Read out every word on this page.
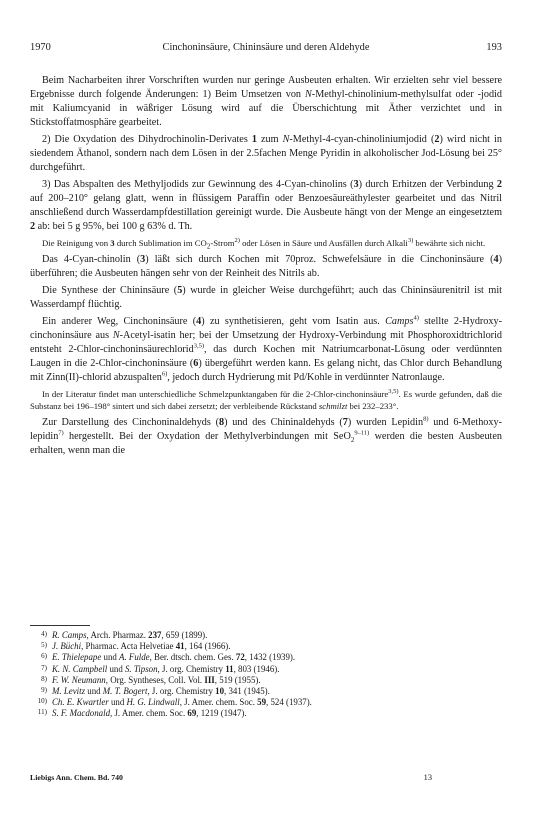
1970	Cinchoninsäure, Chininsäure und deren Aldehyde	193

Beim Nacharbeiten ihrer Vorschriften wurden nur geringe Ausbeuten erhalten. Wir erzielten sehr viel bessere Ergebnisse durch folgende Änderungen: 1) Beim Umsetzen von N-Methyl-chinolinium-methylsulfat oder -jodid mit Kaliumcyanid in wäßriger Lösung wird auf die Überschichtung mit Äther verzichtet und in Stickstoffatmosphäre gearbeitet.

2) Die Oxydation des Dihydrochinolin-Derivates 1 zum N-Methyl-4-cyan-chinoliniumjodid (2) wird nicht in siedendem Äthanol, sondern nach dem Lösen in der 2.5fachen Menge Pyridin in alkoholischer Jod-Lösung bei 25° durchgeführt.

3) Das Abspalten des Methyljodids zur Gewinnung des 4-Cyan-chinolins (3) durch Erhitzen der Verbindung 2 auf 200–210° gelang glatt, wenn in flüssigem Paraffin oder Benzoesäureäthylester gearbeitet und das Nitril anschließend durch Wasserdampfdestillation gereinigt wurde. Die Ausbeute hängt von der Menge an eingesetztem 2 ab: bei 5 g 95%, bei 100 g 63% d. Th.

Die Reinigung von 3 durch Sublimation im $CO_2-Strom^{2)}$ oder Lösen in Säure und Ausfällen durch Alkali$^{3)}$ bewährte sich nicht.

Das 4-Cyan-chinolin (3) läßt sich durch Kochen mit 70proz. Schwefelsäure in die Cinchoninsäure (4) überführen; die Ausbeuten hängen sehr von der Reinheit des Nitrils ab.

Die Synthese der Chininsäure (5) wurde in gleicher Weise durchgeführt; auch das Chininsäurenitril ist mit Wasserdampf flüchtig.

Ein anderer Weg, Cinchoninsäure (4) zu synthetisieren, geht vom Isatin aus. Camps$^{4)}$ stellte 2-Hydroxy-cinchoninsäure aus N-Acetyl-isatin her; bei der Umsetzung der Hydroxy-Verbindung mit Phosphoroxidtrichlorid entsteht 2-Chlor-cinchoninsäurechlorid$^{3,5)}$, das durch Kochen mit Natriumcarbonat-Lösung oder verdünnten Laugen in die 2-Chlor-cinchoninsäure (6) übergeführt werden kann. Es gelang nicht, das Chlor durch Behandlung mit Zinn(II)-chlorid abzuspalten$^{6)}$, jedoch durch Hydrierung mit Pd/Kohle in verdünnter Natronlauge.

In der Literatur findet man unterschiedliche Schmelzpunktangaben für die 2-Chlor-cinchoninsäure$^{3,5)}$. Es wurde gefunden, daß die Substanz bei 196–198° sintert und sich dabei zersetzt; der verbleibende Rückstand schmilzt bei 232–233°.

Zur Darstellung des Cinchoninaldehyds (8) und des Chininaldehyds (7) wurden Lepidin$^{8)}$ und 6-Methoxy-lepidin$^{7)}$ hergestellt. Bei der Oxydation der Methylverbindungen mit SeO$_2^{9-11)}$ werden die besten Ausbeuten erhalten, wenn man die

4) R. Camps, Arch. Pharmaz. 237, 659 (1899).

5) J. Büchi, Pharmac. Acta Helvetiae 41, 164 (1966).

6) E. Thielepape und A. Fulde, Ber. dtsch. chem. Ges. 72, 1432 (1939).

7) K. N. Campbell und S. Tipson, J. org. Chemistry 11, 803 (1946).

8) F. W. Neumann, Org. Syntheses, Coll. Vol. III, 519 (1955).

9) M. Levitz und M. T. Bogert, J. org. Chemistry 10, 341 (1945).

10) Ch. E. Kwartler und H. G. Lindwall, J. Amer. chem. Soc. 59, 524 (1937).

11) S. F. Macdonald, J. Amer. chem. Soc. 69, 1219 (1947).

Liebigs Ann. Chem. Bd. 740	13
